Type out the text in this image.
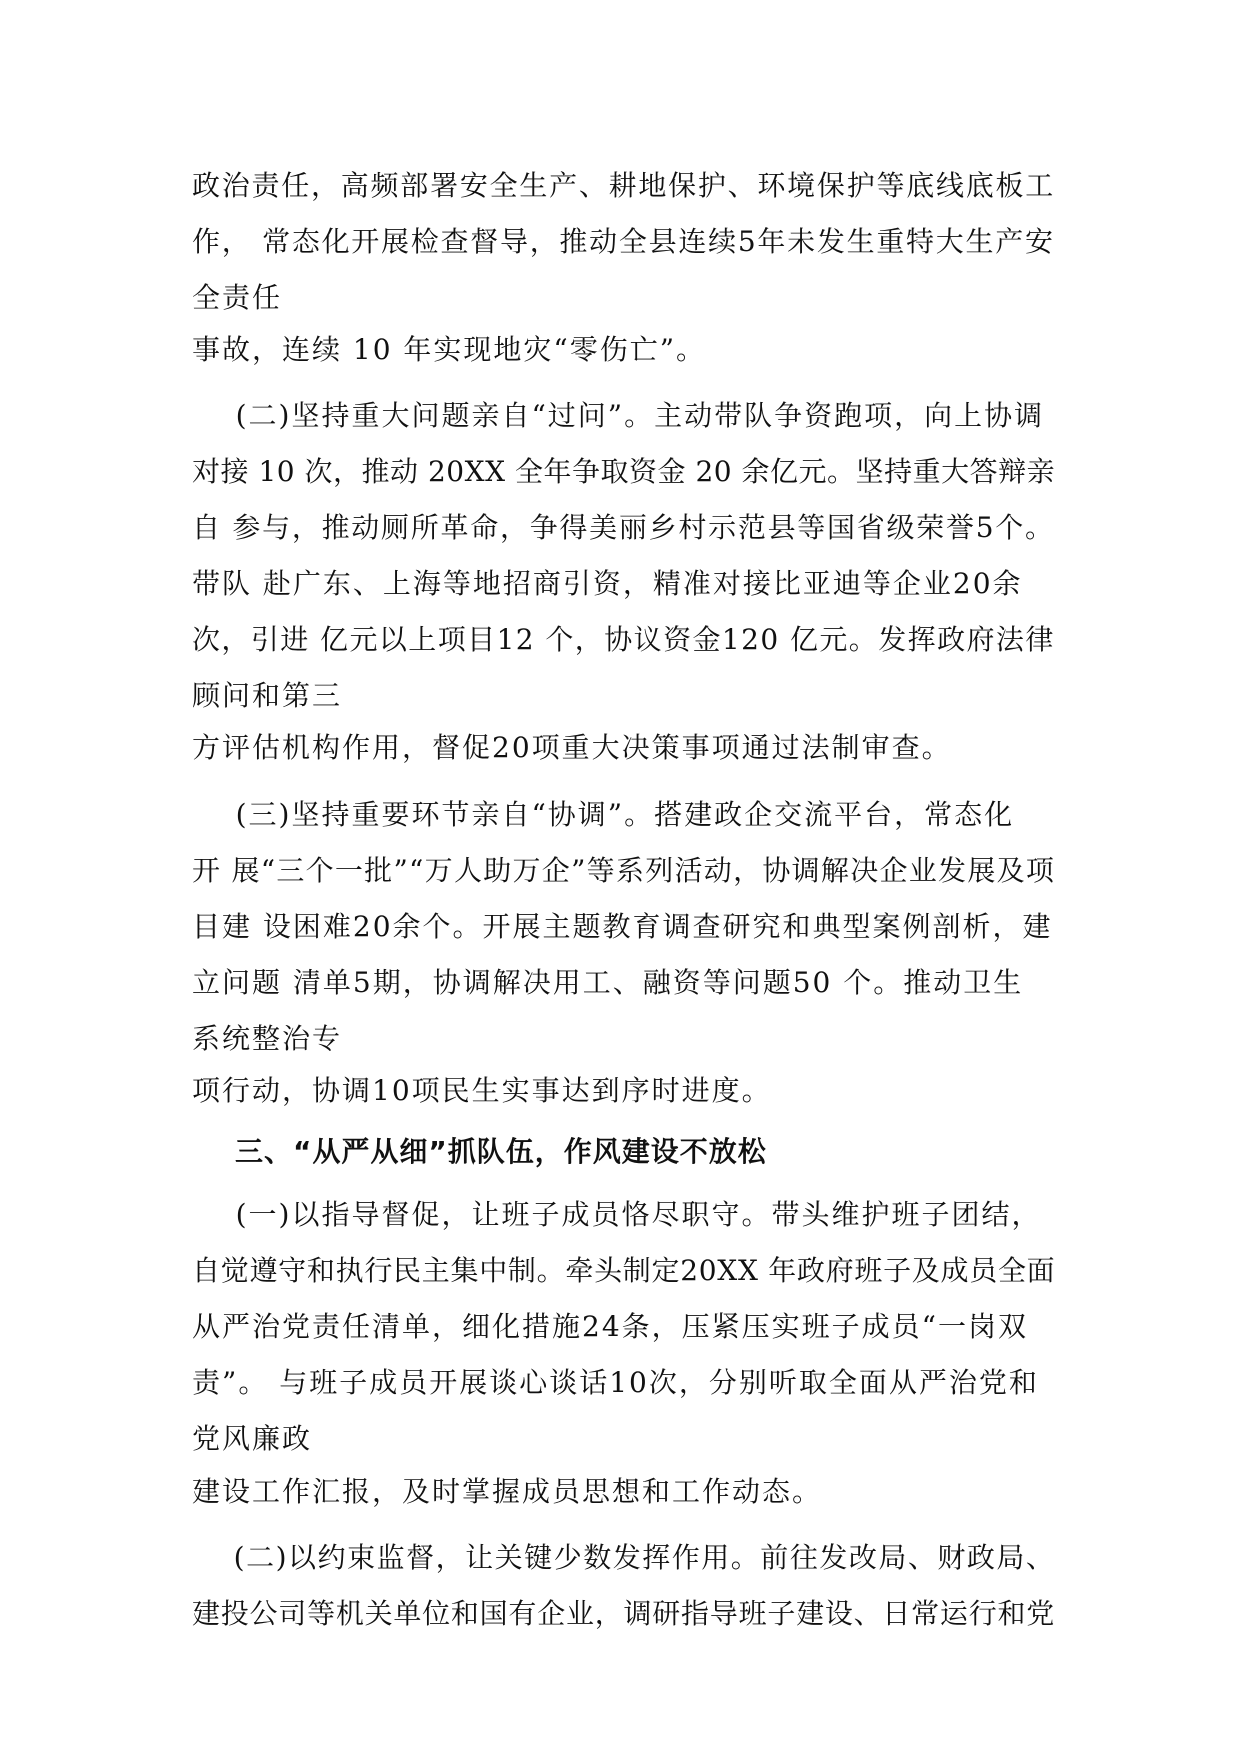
政治责任，高频部署安全生产、耕地保护、环境保护等底线底板工
作， 常态化开展检查督导，推动全县连续5年未发生重特大生产安
全责任
事故，连续 10 年实现地灾“零伤亡”。
(二)坚持重大问题亲自“过问”。主动带队争资跑项，向上协调
对接 10 次，推动 20XX 全年争取资金 20 余亿元。坚持重大答辩亲
自 参与，推动厕所革命，争得美丽乡村示范县等国省级荣誉5个。
带队 赴广东、上海等地招商引资，精准对接比亚迪等企业20余
次，引进 亿元以上项目12 个，协议资金120 亿元。发挥政府法律
顾问和第三
方评估机构作用，督促20项重大决策事项通过法制审查。
(三)坚持重要环节亲自“协调”。搭建政企交流平台，常态化
开 展“三个一批”“万人助万企”等系列活动，协调解决企业发展及项
目建 设困难20余个。开展主题教育调查研究和典型案例剖析，建
立问题 清单5期，协调解决用工、融资等问题50 个。推动卫生
系统整治专
项行动，协调10项民生实事达到序时进度。
三、“从严从细”抓队伍，作风建设不放松
(一)以指导督促，让班子成员恪尽职守。带头维护班子团结，
自觉遵守和执行民主集中制。牵头制定20XX 年政府班子及成员全面
从严治党责任清单，细化措施24条，压紧压实班子成员“一岗双
责”。 与班子成员开展谈心谈话10次，分别听取全面从严治党和
党风廉政
建设工作汇报，及时掌握成员思想和工作动态。
(二)以约束监督，让关键少数发挥作用。前往发改局、财政局、
建投公司等机关单位和国有企业，调研指导班子建设、日常运行和党
